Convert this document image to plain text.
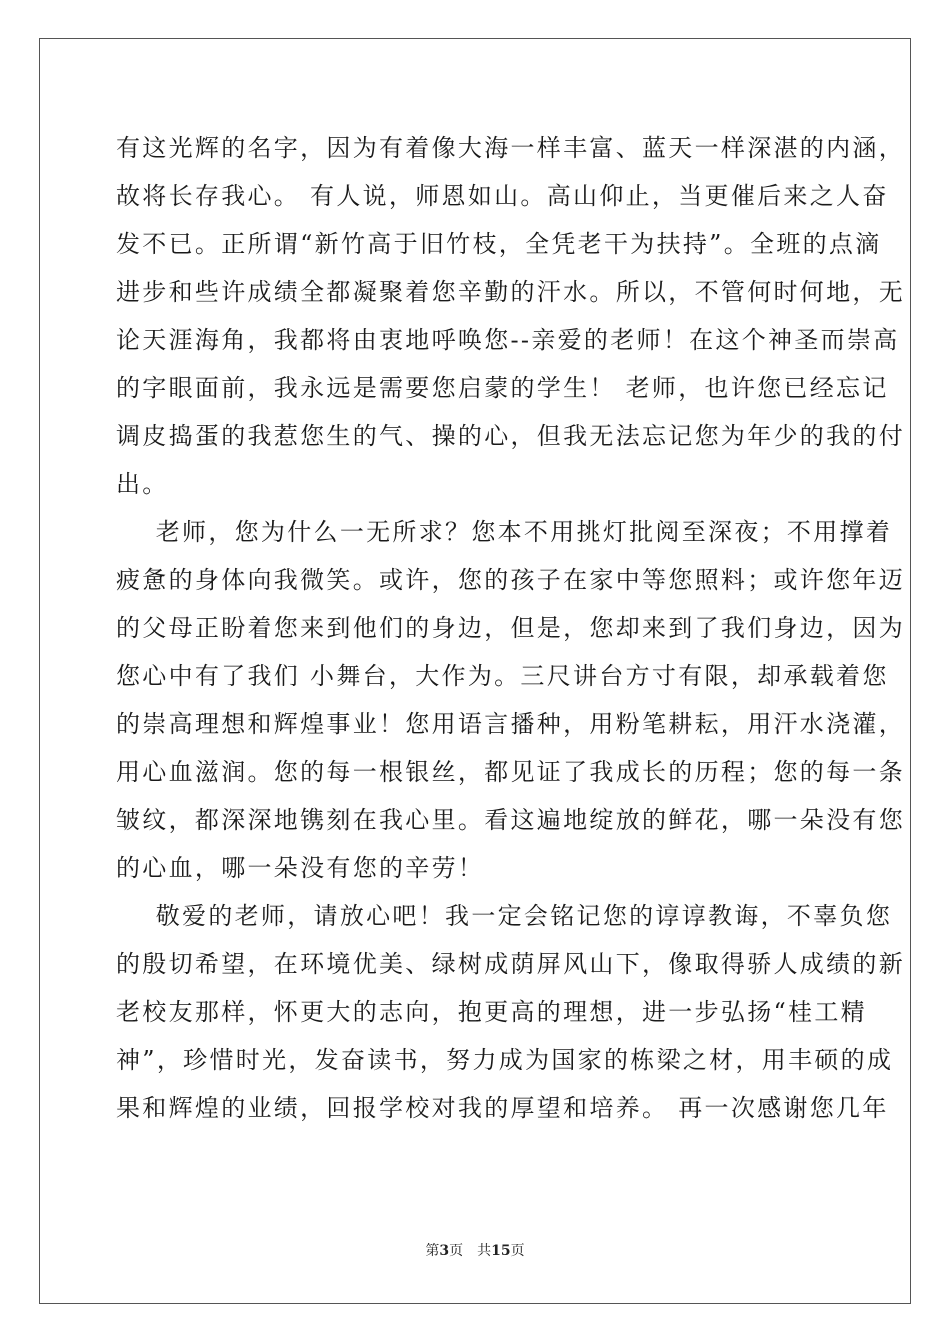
有这光辉的名字，因为有着像大海一样丰富、蓝天一样深湛的内涵，
故将长存我心。 有人说，师恩如山。高山仰止，当更催后来之人奋
发不已。正所谓“新竹高于旧竹枝，全凭老干为扶持”。全班的点滴
进步和些许成绩全都凝聚着您辛勤的汗水。所以，不管何时何地，无
论天涯海角，我都将由衷地呼唤您--亲爱的老师！在这个神圣而崇高
的字眼面前，我永远是需要您启蒙的学生！ 老师，也许您已经忘记
调皮捣蛋的我惹您生的气、操的心，但我无法忘记您为年少的我的付
出。
老师，您为什么一无所求？您本不用挑灯批阅至深夜；不用撑着
疲惫的身体向我微笑。或许，您的孩子在家中等您照料；或许您年迈
的父母正盼着您来到他们的身边，但是，您却来到了我们身边，因为
您心中有了我们 小舞台，大作为。三尺讲台方寸有限，却承载着您
的崇高理想和辉煌事业！您用语言播种，用粉笔耕耘，用汗水浇灌，
用心血滋润。您的每一根银丝，都见证了我成长的历程；您的每一条
皱纹，都深深地镌刻在我心里。看这遍地绽放的鲜花，哪一朵没有您
的心血，哪一朵没有您的辛劳！
敬爱的老师，请放心吧！我一定会铭记您的谆谆教诲，不辜负您
的殷切希望，在环境优美、绿树成荫屏风山下，像取得骄人成绩的新
老校友那样，怀更大的志向，抱更高的理想，进一步弘扬“桂工精
神”，珍惜时光，发奋读书，努力成为国家的栋梁之材，用丰硕的成
果和辉煌的业绩，回报学校对我的厚望和培养。 再一次感谢您几年
第3页 共15页
